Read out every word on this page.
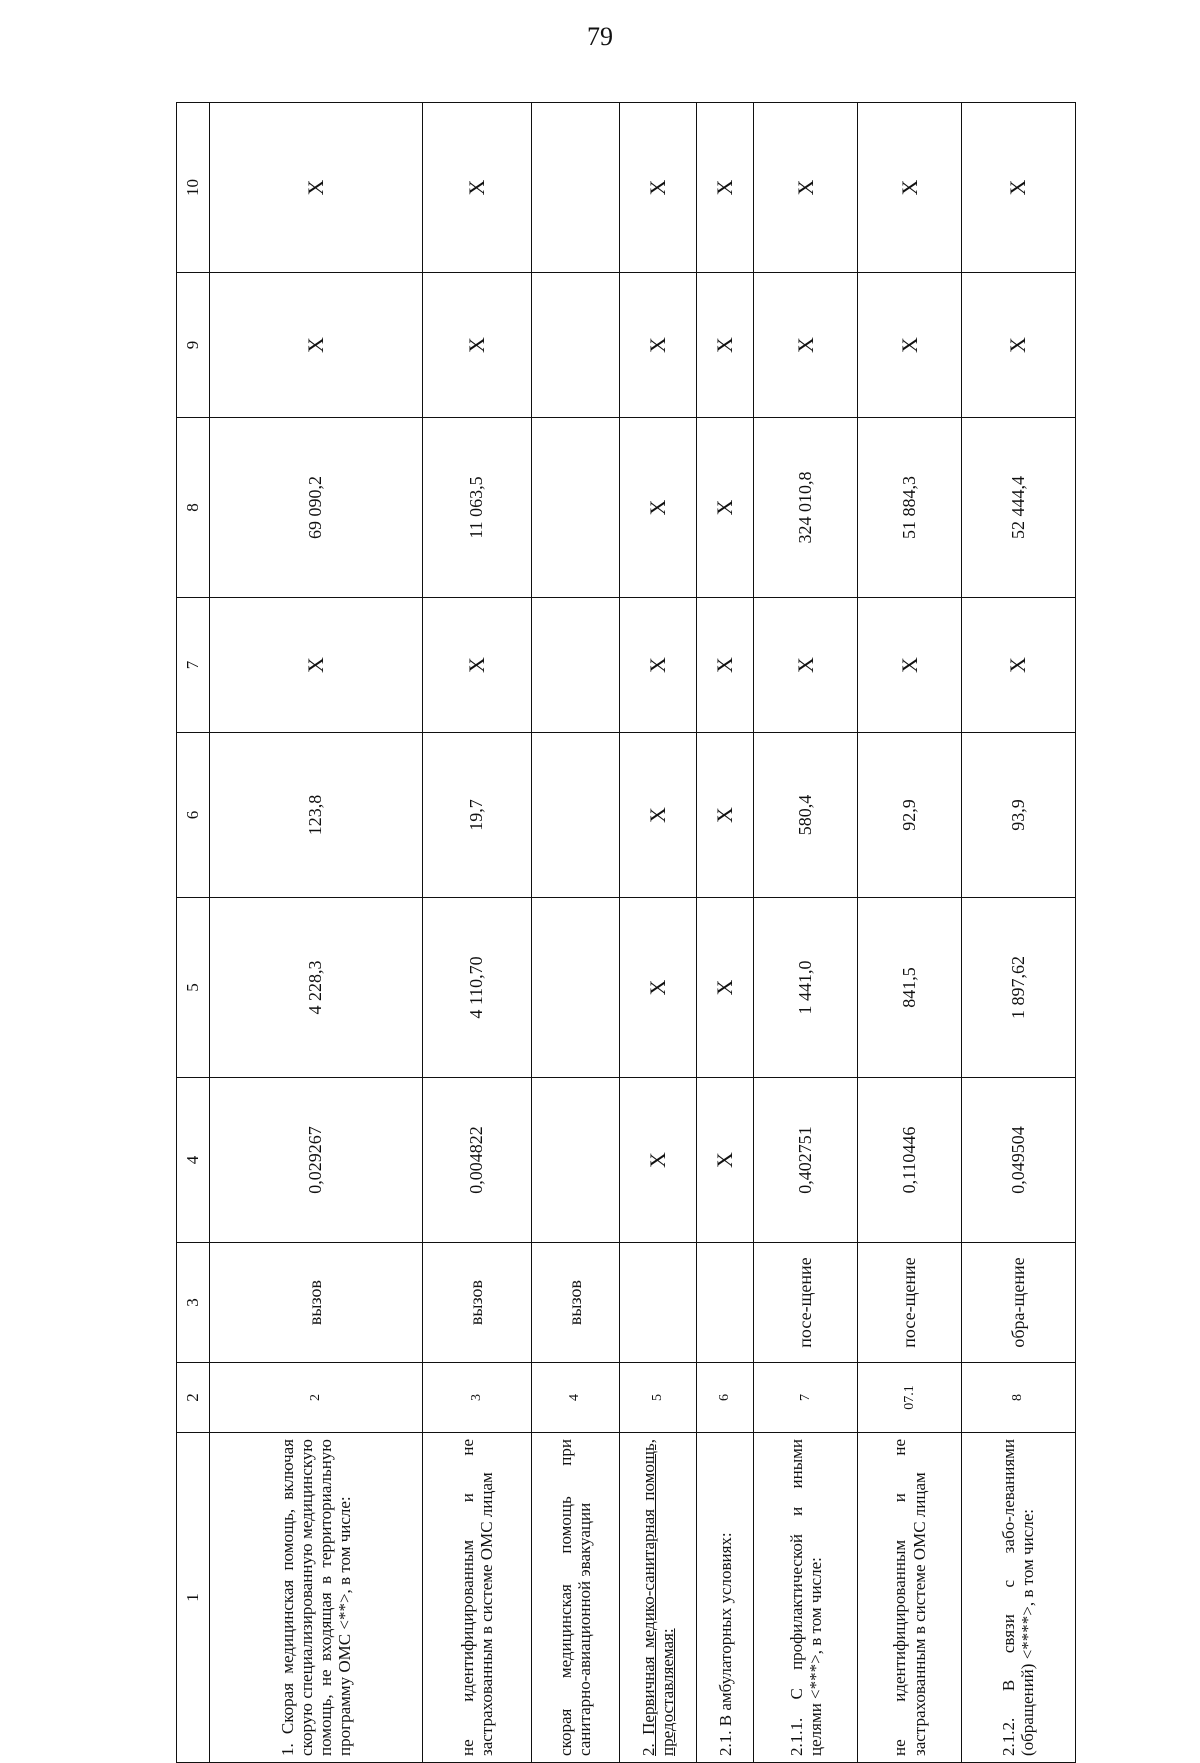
79
1	2	3	4	5	6	7	8	9	10
1. Скорая медицинская помощь, включая скорую специализированную медицинскую помощь, не входящая в территориальную программу ОМС <**>, в том числе:	2	вызов	0,029267	4 228,3	123,8	X	69 090,2	X	X
не идентифицированным и не застрахованным в системе ОМС лицам	3	вызов	0,004822	4 110,70	19,7	X	11 063,5	X	X
скорая медицинская помощь при санитарно-авиационной эвакуации	4	вызов							
2. Первичная медико-санитарная помощь, предоставляемая:	5		X	X	X	X	X	X	X
2.1. В амбулаторных условиях:	6		X	X	X	X	X	X	X
2.1.1. С профилактической и иными целями <***>, в том числе:	7	посе-щение	0,402751	1 441,0	580,4	X	324 010,8	X	X
не идентифицированным и не застрахованным в системе ОМС лицам	07.1	посе-щение	0,110446	841,5	92,9	X	51 884,3	X	X
2.1.2. В связи с забо-леваниями (обращений) <****>, в том числе:	8	обра-щение	0,049504	1 897,62	93,9	X	52 444,4	X	X
